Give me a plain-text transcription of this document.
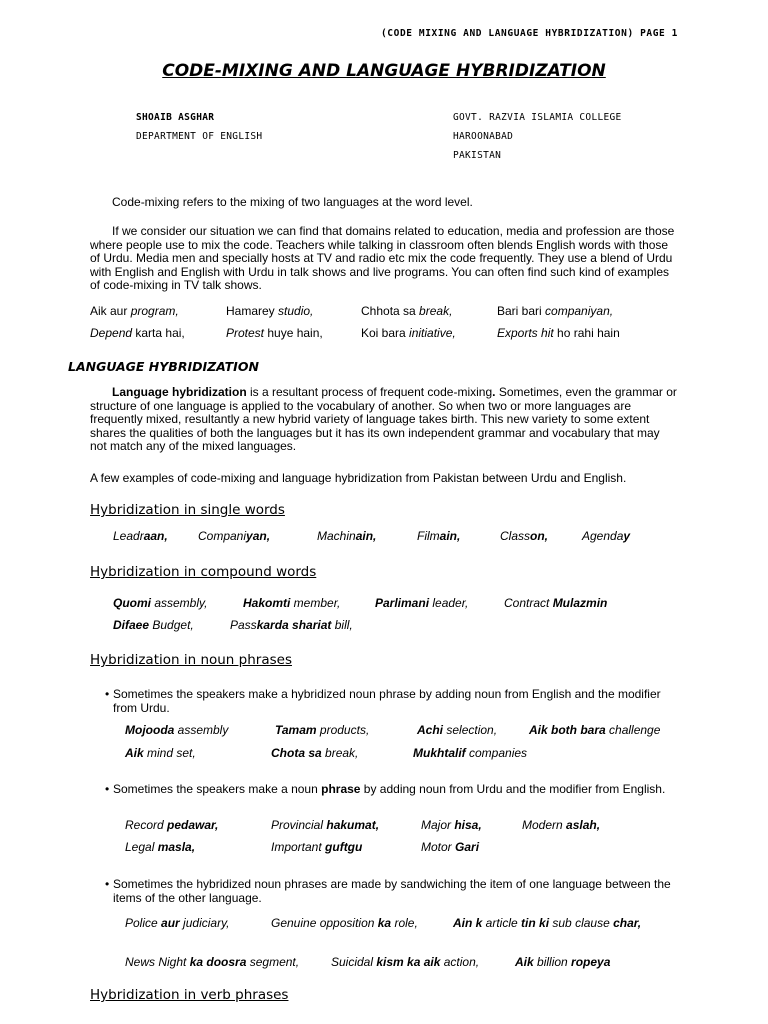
(CODE MIXING AND LANGUAGE HYBRIDIZATION) PAGE 1
CODE-MIXING AND LANGUAGE HYBRIDIZATION
SHOAIB ASGHAR
DEPARTMENT OF ENGLISH
GOVT. RAZVIA ISLAMIA COLLEGE
HAROONABAD
PAKISTAN

Code-mixing refers to the mixing of two languages at the word level.

If we consider our situation we can find that domains related to education, media and profession are those where people use to mix the code. Teachers while talking in classroom often blends English words with those of Urdu. Media men and specially hosts at TV and radio etc mix the code frequently. They use a blend of Urdu with English and English with Urdu in talk shows and live programs. You can often find such kind of examples of code-mixing in TV talk shows.

Aik aur program,	Hamarey studio,	Chhota sa break,	Bari bari companiyan,
Depend karta hai,	Protest huye hain,	Koi bara initiative,	Exports hit ho rahi hain
LANGUAGE HYBRIDIZATION

Language hybridization is a resultant process of frequent code-mixing. Sometimes, even the grammar or structure of one language is applied to the vocabulary of another. So when two or more languages are frequently mixed, resultantly a new hybrid variety of language takes birth. This new variety to some extent shares the qualities of both the languages but it has its own independent grammar and vocabulary that may not match any of the mixed languages.

A few examples of code-mixing and language hybridization from Pakistan between Urdu and English.

Hybridization in single words
Leadraan,	Companiyan,	Machinain,	Filmain,	Classon,	Agenday
Hybridization in compound words
Quomi assembly,	Hakomti member,	Parlimani leader,	Contract Mulazmin
Difaee Budget,	Passkarda shariat bill,
Hybridization in noun phrases
• Sometimes the speakers make a hybridized noun phrase by adding noun from English and the modifier from Urdu.
Mojooda assembly	Tamam products,	Achi selection,	Aik both bara challenge
Aik mind set,	Chota sa break,	Mukhtalif companies
• Sometimes the speakers make a noun phrase by adding noun from Urdu and the modifier from English.
Record pedawar,	Provincial hakumat,	Major hisa,	Modern aslah,
Legal masla,	Important guftgu	Motor Gari
• Sometimes the hybridized noun phrases are made by sandwiching the item of one language between the items of the other language.
Police aur judiciary,	Genuine opposition ka role,	Ain k article tin ki sub clause char,
News Night ka doosra segment,	Suicidal kism ka aik action,	Aik billion ropeya
Hybridization in verb phrases
